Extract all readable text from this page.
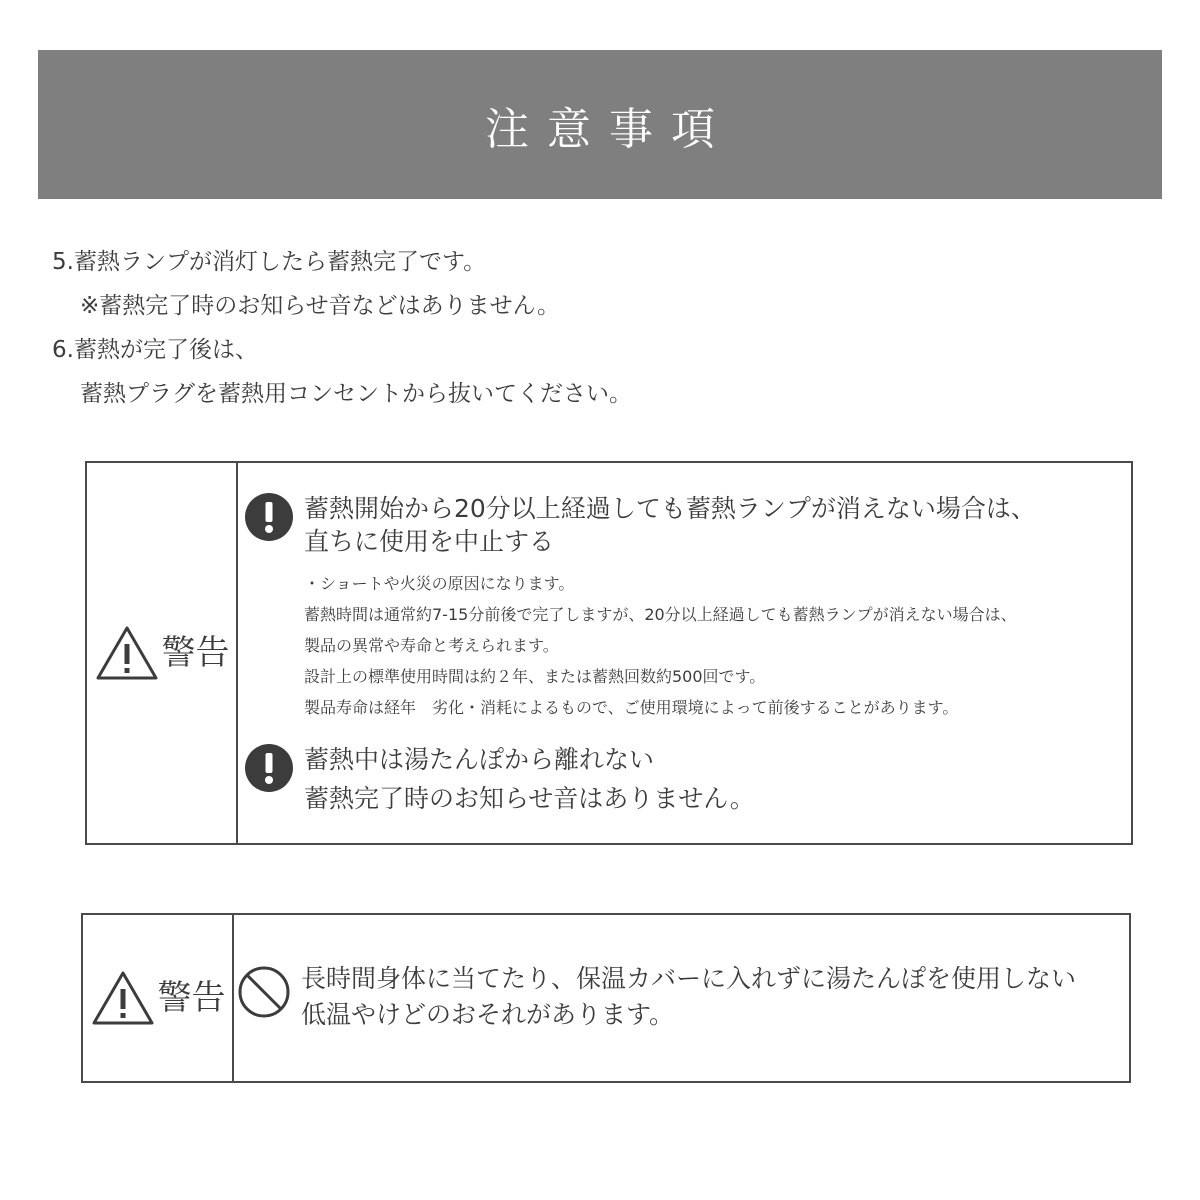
注意事項
5.蓄熱ランプが消灯したら蓄熱完了です。
※蓄熱完了時のお知らせ音などはありません。
6.蓄熱が完了後は、
蓄熱プラグを蓄熱用コンセントから抜いてください。
警告
蓄熱開始から20分以上経過しても蓄熱ランプが消えない場合は、
直ちに使用を中止する
・ショートや火災の原因になります。
蓄熱時間は通常約7-15分前後で完了しますが、20分以上経過しても蓄熱ランプが消えない場合は、
製品の異常や寿命と考えられます。
設計上の標準使用時間は約２年、または蓄熱回数約500回です。
製品寿命は経年　劣化・消耗によるもので、ご使用環境によって前後することがあります。
蓄熱中は湯たんぽから離れない
蓄熱完了時のお知らせ音はありません。
警告	長時間身体に当てたり、保温カバーに入れずに湯たんぽを使用しない
低温やけどのおそれがあります。
